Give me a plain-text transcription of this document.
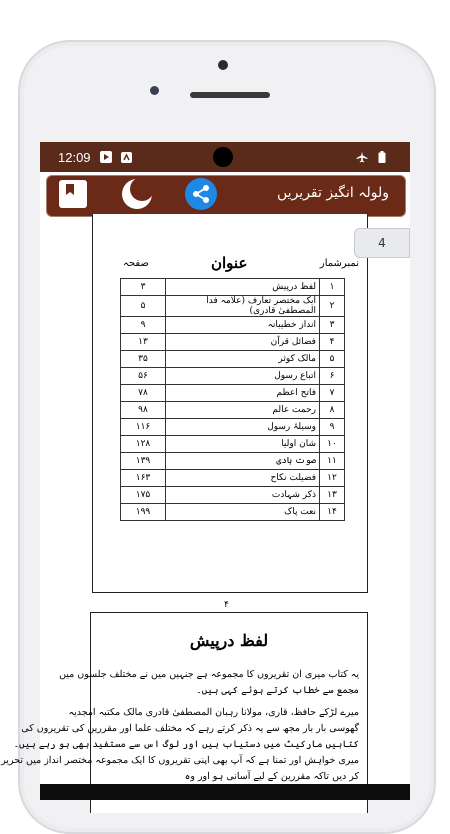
12:09
ولولہ انگیز تقریریں
نمبرشمار
عنوان
صفحہ
۳	لفظ درپیش	۱
۵	ایک مختصر تعارف (علامہ فدا المصطفیٰ قادری)	۲
۹	انداز خطیبانہ	۳
۱۳	فضائل قرآن	۴
۳۵	مالک کوثر	۵
۵۶	اتباع رسول	۶
۷۸	فاتح اعظم	۷
۹۸	رحمت عالم	۸
۱۱۶	وسیلۂ رسول	۹
۱۲۸	شان اولیا	۱۰
۱۳۹	صوت ہادی	۱۱
۱۶۳	فضیلت نکاح	۱۲
۱۷۵	ذکر شہادت	۱۳
۱۹۹	نعت پاک	۱۴
۴
لفظ درپیش
یہ کتاب میری ان تقریروں کا مجموعہ ہے جنہیں میں نے مختلف جلسوں میں
مجمع سے خطاب کرتے ہوئے کہی ہیں۔
میرے لڑکے حافظ، قاری، مولانا رہبان المصطفیٰ قادری مالک مکتبہ امجدیہ
گھوسی بار بار مجھ سے یہ ذکر کرتے رہے کہ مختلف علما اور مقررین کی تقریروں کی
کتابیں مارکیٹ میں دستیاب ہیں اور لوگ اس سے مستفید بھی ہو رہے ہیں۔
میری خواہش اور تمنا ہے کہ آپ بھی اپنی تقریروں کا ایک مجموعہ مختصر انداز میں تحریر
کر دیں تاکہ مقررین کے لیے آسانی ہو اور وہ
4
